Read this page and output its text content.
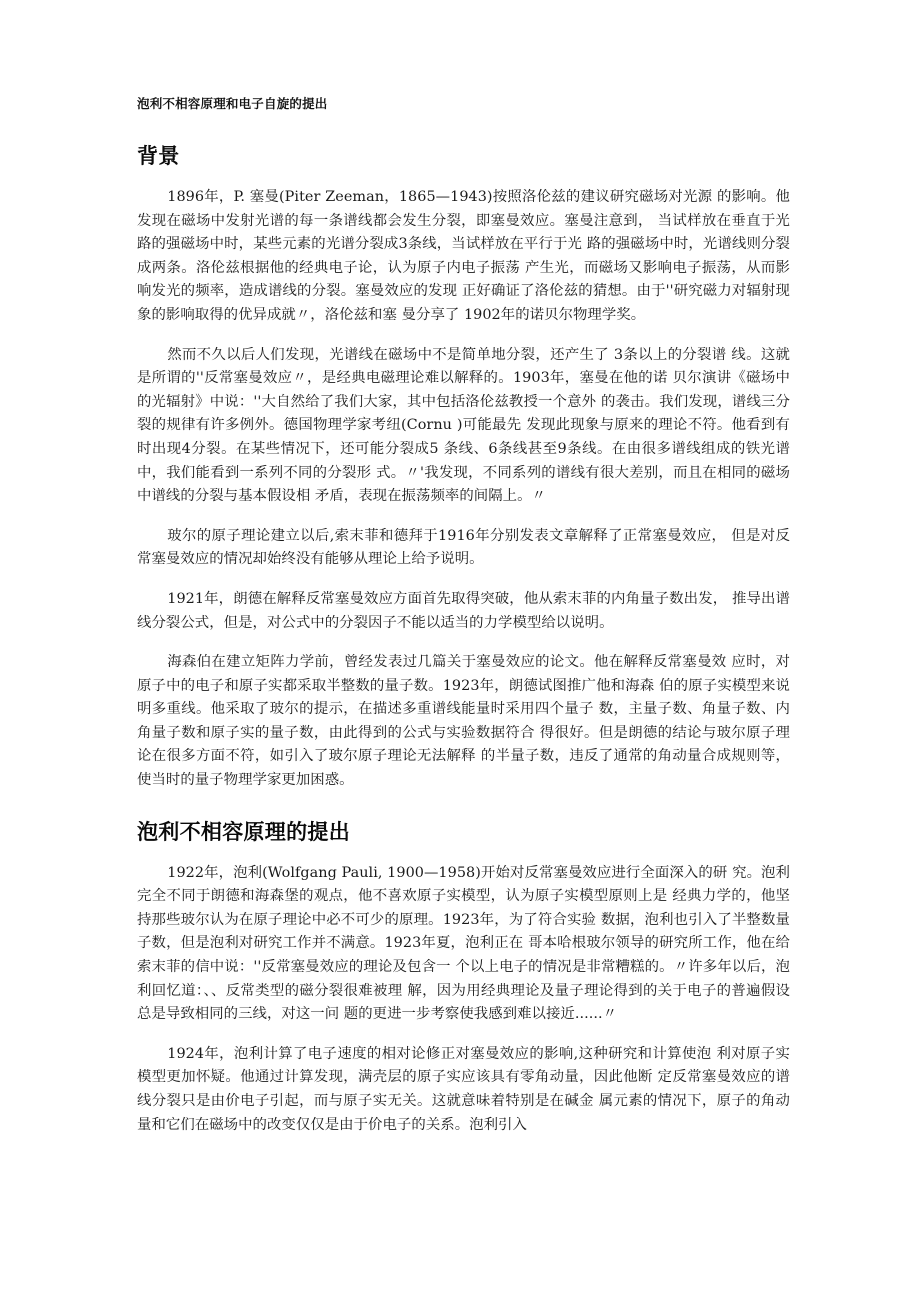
泡利不相容原理和电子自旋的提出
背景

1896年，P. 塞曼(Piter Zeeman，1865—1943)按照洛伦兹的建议研究磁场对光源 的影响。他发现在磁场中发射光谱的每一条谱线都会发生分裂，即塞曼效应。塞曼注意到， 当试样放在垂直于光路的强磁场中时，某些元素的光谱分裂成3条线，当试样放在平行于光 路的强磁场中时，光谱线则分裂成两条。洛伦兹根据他的经典电子论，认为原子内电子振荡 产生光，而磁场又影响电子振荡，从而影响发光的频率，造成谱线的分裂。塞曼效应的发现 正好确证了洛伦兹的猜想。由于''研究磁力对辐射现象的影响取得的优异成就〃，洛伦兹和塞 曼分享了 1902年的诺贝尔物理学奖。

然而不久以后人们发现，光谱线在磁场中不是简单地分裂，还产生了 3条以上的分裂谱 线。这就是所谓的''反常塞曼效应〃，是经典电磁理论难以解释的。1903年，塞曼在他的诺 贝尔演讲《磁场中的光辐射》中说：''大自然给了我们大家，其中包括洛伦兹教授一个意外 的袭击。我们发现，谱线三分裂的规律有许多例外。德国物理学家考纽(Cornu )可能最先 发现此现象与原来的理论不符。他看到有时出现4分裂。在某些情况下，还可能分裂成5 条线、6条线甚至9条线。在由很多谱线组成的铁光谱中，我们能看到一系列不同的分裂形 式。〃'我发现，不同系列的谱线有很大差别，而且在相同的磁场中谱线的分裂与基本假设相 矛盾，表现在振荡频率的间隔上。〃

玻尔的原子理论建立以后,索末菲和德拜于1916年分别发表文章解释了正常塞曼效应， 但是对反常塞曼效应的情况却始终没有能够从理论上给予说明。

1921年，朗德在解释反常塞曼效应方面首先取得突破，他从索末菲的内角量子数出发， 推导出谱线分裂公式，但是，对公式中的分裂因子不能以适当的力学模型给以说明。

海森伯在建立矩阵力学前，曾经发表过几篇关于塞曼效应的论文。他在解释反常塞曼效 应时，对原子中的电子和原子实都采取半整数的量子数。1923年，朗德试图推广他和海森 伯的原子实模型来说明多重线。他采取了玻尔的提示，在描述多重谱线能量时采用四个量子 数，主量子数、角量子数、内角量子数和原子实的量子数，由此得到的公式与实验数据符合 得很好。但是朗德的结论与玻尔原子理论在很多方面不符，如引入了玻尔原子理论无法解释 的半量子数，违反了通常的角动量合成规则等，使当时的量子物理学家更加困惑。

泡利不相容原理的提出

1922年，泡利(Wolfgang Pauli, 1900—1958)开始对反常塞曼效应进行全面深入的研 究。泡利完全不同于朗德和海森堡的观点，他不喜欢原子实模型，认为原子实模型原则上是 经典力学的，他坚持那些玻尔认为在原子理论中必不可少的原理。1923年，为了符合实验 数据，泡利也引入了半整数量子数，但是泡利对研究工作并不满意。1923年夏，泡利正在 哥本哈根玻尔领导的研究所工作，他在给索末菲的信中说：''反常塞曼效应的理论及包含一 个以上电子的情况是非常糟糕的。〃许多年以后，泡利回忆道：、、反常类型的磁分裂很难被理 解，因为用经典理论及量子理论得到的关于电子的普遍假设总是导致相同的三线，对这一问 题的更进一步考察使我感到难以接近......〃

1924年，泡利计算了电子速度的相对论修正对塞曼效应的影响,这种研究和计算使泡 利对原子实模型更加怀疑。他通过计算发现，满壳层的原子实应该具有零角动量，因此他断 定反常塞曼效应的谱线分裂只是由价电子引起，而与原子实无关。这就意味着特别是在碱金 属元素的情况下，原子的角动量和它们在磁场中的改变仅仅是由于价电子的关系。泡利引入
